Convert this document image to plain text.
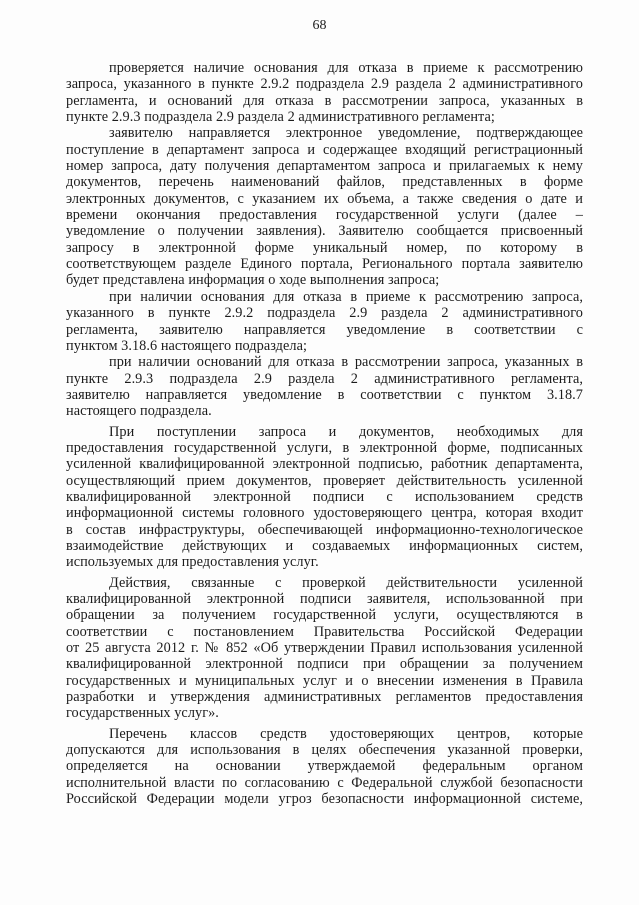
68
проверяется наличие основания для отказа в приеме к рассмотрению
запроса, указанного в пункте 2.9.2 подраздела 2.9 раздела 2 административного
регламента, и оснований для отказа в рассмотрении запроса, указанных в
пункте 2.9.3 подраздела 2.9 раздела 2 административного регламента;
заявителю направляется электронное уведомление, подтверждающее
поступление в департамент запроса и содержащее входящий регистрационный
номер запроса, дату получения департаментом запроса и прилагаемых к нему
документов, перечень наименований файлов, представленных в форме
электронных документов, с указанием их объема, а также сведения о дате и
времени окончания предоставления государственной услуги (далее –
уведомление о получении заявления). Заявителю сообщается присвоенный
запросу в электронной форме уникальный номер, по которому в
соответствующем разделе Единого портала, Регионального портала заявителю
будет представлена информация о ходе выполнения запроса;
при наличии основания для отказа в приеме к рассмотрению запроса,
указанного в пункте 2.9.2 подраздела 2.9 раздела 2 административного
регламента, заявителю направляется уведомление в соответствии с
пунктом 3.18.6 настоящего подраздела;
при наличии оснований для отказа в рассмотрении запроса, указанных в
пункте 2.9.3 подраздела 2.9 раздела 2 административного регламента,
заявителю направляется уведомление в соответствии с пунктом 3.18.7
настоящего подраздела.
При поступлении запроса и документов, необходимых для
предоставления государственной услуги, в электронной форме, подписанных
усиленной квалифицированной электронной подписью, работник департамента,
осуществляющий прием документов, проверяет действительность усиленной
квалифицированной электронной подписи с использованием средств
информационной системы головного удостоверяющего центра, которая входит
в состав инфраструктуры, обеспечивающей информационно-технологическое
взаимодействие действующих и создаваемых информационных систем,
используемых для предоставления услуг.
Действия, связанные с проверкой действительности усиленной
квалифицированной электронной подписи заявителя, использованной при
обращении за получением государственной услуги, осуществляются в
соответствии с постановлением Правительства Российской Федерации
от 25 августа 2012 г. № 852 «Об утверждении Правил использования усиленной
квалифицированной электронной подписи при обращении за получением
государственных и муниципальных услуг и о внесении изменения в Правила
разработки и утверждения административных регламентов предоставления
государственных услуг».
Перечень классов средств удостоверяющих центров, которые
допускаются для использования в целях обеспечения указанной проверки,
определяется на основании утверждаемой федеральным органом
исполнительной власти по согласованию с Федеральной службой безопасности
Российской Федерации модели угроз безопасности информационной системе,
